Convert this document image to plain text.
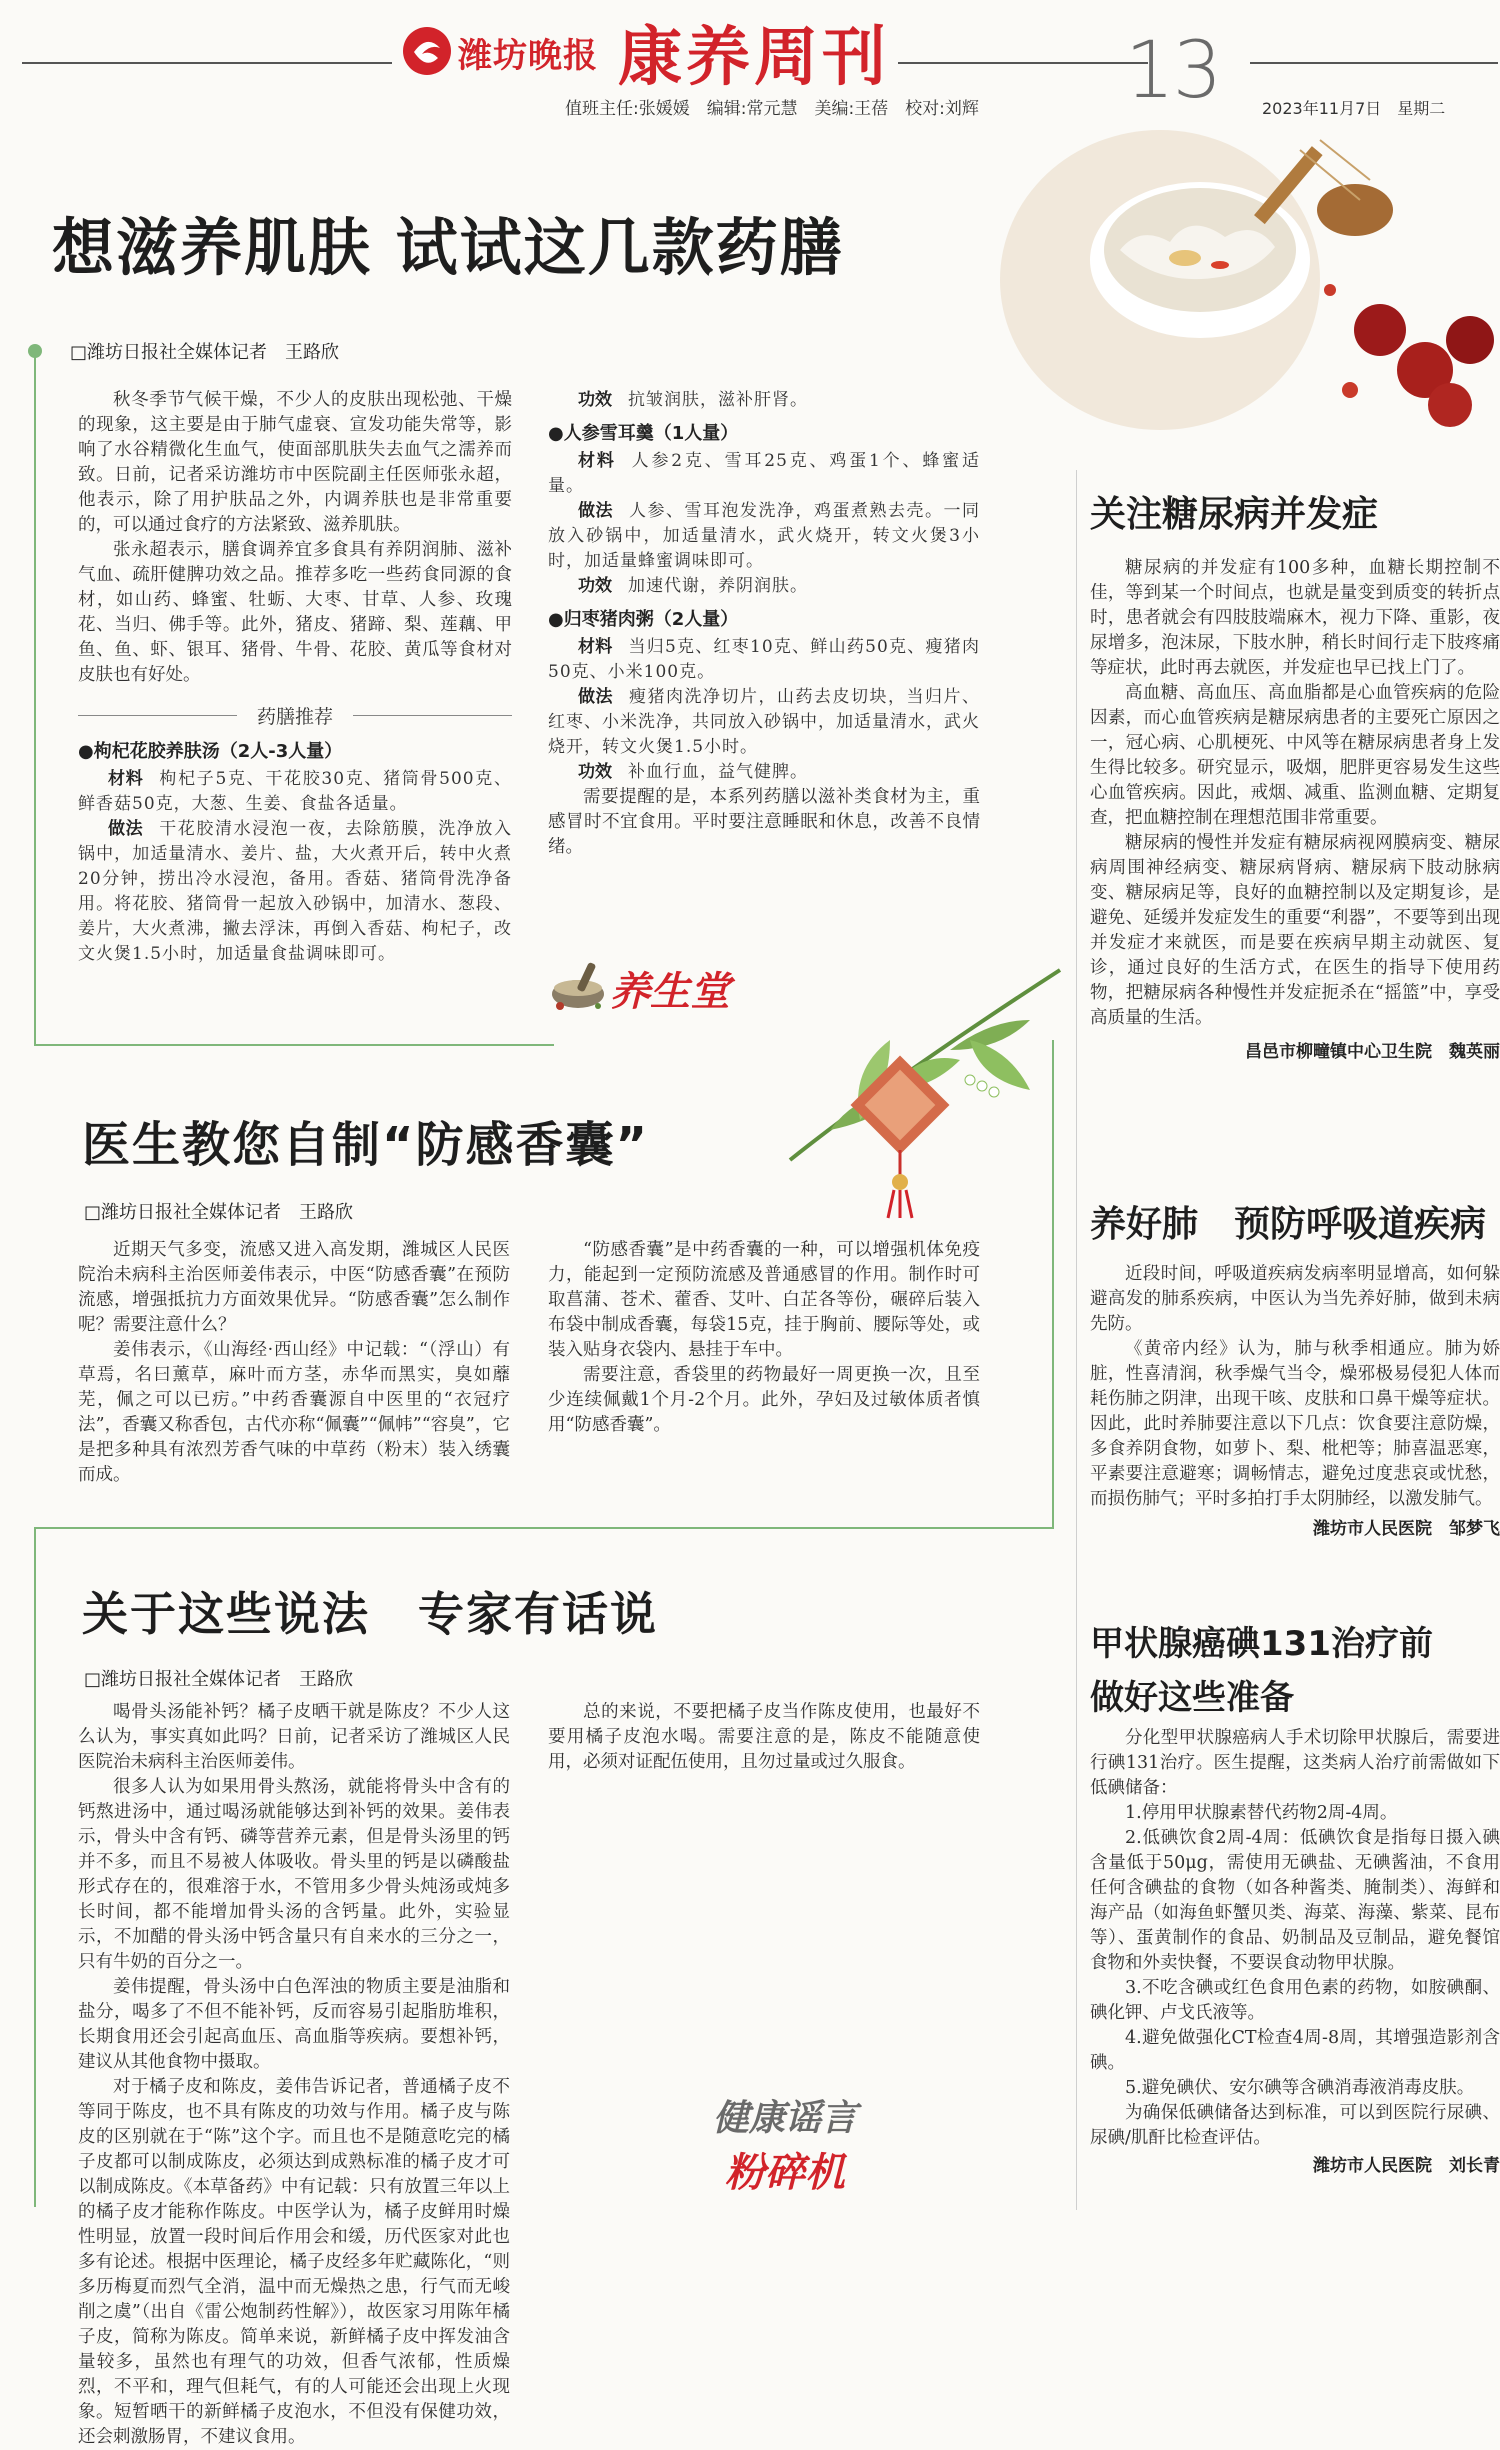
潍坊晚报 康养周刊
值班主任:张媛媛　编辑:常元慧　美编:王蓓　校对:刘辉 13	2023年11月7日　星期二
想滋养肌肤 试试这几款药膳
□潍坊日报社全媒体记者　王路欣

秋冬季节气候干燥，不少人的皮肤出现松弛、干燥的现象，这主要是由于肺气虚衰、宣发功能失常等，影响了水谷精微化生血气，使面部肌肤失去血气之濡养而致。日前，记者采访潍坊市中医院副主任医师张永超，他表示，除了用护肤品之外，内调养肤也是非常重要的，可以通过食疗的方法紧致、滋养肌肤。

张永超表示，膳食调养宜多食具有养阴润肺、滋补气血、疏肝健脾功效之品。推荐多吃一些药食同源的食材，如山药、蜂蜜、牡蛎、大枣、甘草、人参、玫瑰花、当归、佛手等。此外，猪皮、猪蹄、梨、莲藕、甲鱼、鱼、虾、银耳、猪骨、牛骨、花胶、黄瓜等食材对皮肤也有好处。

药膳推荐
●枸杞花胶养肤汤（2人-3人量）

材料 枸杞子5克、干花胶30克、猪筒骨500克、鲜香菇50克，大葱、生姜、食盐各适量。

做法 干花胶清水浸泡一夜，去除筋膜，洗净放入锅中，加适量清水、姜片、盐，大火煮开后，转中火煮20分钟，捞出冷水浸泡，备用。香菇、猪筒骨洗净备用。将花胶、猪筒骨一起放入砂锅中，加清水、葱段、姜片，大火煮沸，撇去浮沫，再倒入香菇、枸杞子，改文火煲1.5小时，加适量食盐调味即可。

功效 抗皱润肤，滋补肝肾。

●人参雪耳羹（1人量）

材料 人参2克、雪耳25克、鸡蛋1个、蜂蜜适量。

做法 人参、雪耳泡发洗净，鸡蛋煮熟去壳。一同放入砂锅中，加适量清水，武火烧开，转文火煲3小时，加适量蜂蜜调味即可。

功效 加速代谢，养阴润肤。

●归枣猪肉粥（2人量）

材料 当归5克、红枣10克、鲜山药50克、瘦猪肉50克、小米100克。

做法 瘦猪肉洗净切片，山药去皮切块，当归片、红枣、小米洗净，共同放入砂锅中，加适量清水，武火烧开，转文火煲1.5小时。

功效 补血行血，益气健脾。

需要提醒的是，本系列药膳以滋补类食材为主，重感冒时不宜食用。平时要注意睡眠和休息，改善不良情绪。

养生堂
医生教您自制“防感香囊”
□潍坊日报社全媒体记者　王路欣

近期天气多变，流感又进入高发期，潍城区人民医院治未病科主治医师姜伟表示，中医“防感香囊”在预防流感，增强抵抗力方面效果优异。“防感香囊”怎么制作呢？需要注意什么？

姜伟表示，《山海经·西山经》中记载：“（浮山）有草焉，名曰薰草，麻叶而方茎，赤华而黑实，臭如蘼芜，佩之可以已疠。”中药香囊源自中医里的“衣冠疗法”，香囊又称香包，古代亦称“佩囊”“佩帏”“容臭”，它是把多种具有浓烈芳香气味的中草药（粉末）装入绣囊而成。

“防感香囊”是中药香囊的一种，可以增强机体免疫力，能起到一定预防流感及普通感冒的作用。制作时可取菖蒲、苍术、藿香、艾叶、白芷各等份，碾碎后装入布袋中制成香囊，每袋15克，挂于胸前、腰际等处，或装入贴身衣袋内、悬挂于车中。

需要注意，香袋里的药物最好一周更换一次，且至少连续佩戴1个月-2个月。此外，孕妇及过敏体质者慎用“防感香囊”。

关于这些说法　专家有话说
□潍坊日报社全媒体记者　王路欣

喝骨头汤能补钙？橘子皮晒干就是陈皮？不少人这么认为，事实真如此吗？日前，记者采访了潍城区人民医院治未病科主治医师姜伟。

很多人认为如果用骨头熬汤，就能将骨头中含有的钙熬进汤中，通过喝汤就能够达到补钙的效果。姜伟表示，骨头中含有钙、磷等营养元素，但是骨头汤里的钙并不多，而且不易被人体吸收。骨头里的钙是以磷酸盐形式存在的，很难溶于水，不管用多少骨头炖汤或炖多长时间，都不能增加骨头汤的含钙量。此外，实验显示，不加醋的骨头汤中钙含量只有自来水的三分之一，只有牛奶的百分之一。

姜伟提醒，骨头汤中白色浑浊的物质主要是油脂和盐分，喝多了不但不能补钙，反而容易引起脂肪堆积，长期食用还会引起高血压、高血脂等疾病。要想补钙，建议从其他食物中摄取。

对于橘子皮和陈皮，姜伟告诉记者，普通橘子皮不等同于陈皮，也不具有陈皮的功效与作用。橘子皮与陈皮的区别就在于“陈”这个字。而且也不是随意吃完的橘子皮都可以制成陈皮，必须达到成熟标准的橘子皮才可以制成陈皮。《本草备药》中有记载：只有放置三年以上的橘子皮才能称作陈皮。中医学认为，橘子皮鲜用时燥性明显，放置一段时间后作用会和缓，历代医家对此也多有论述。根据中医理论，橘子皮经多年贮藏陈化，“则多历梅夏而烈气全消，温中而无燥热之患，行气而无峻削之虞”（出自《雷公炮制药性解》），故医家习用陈年橘子皮，简称为陈皮。简单来说，新鲜橘子皮中挥发油含量较多，虽然也有理气的功效，但香气浓郁，性质燥烈，不平和，理气但耗气，有的人可能还会出现上火现象。短暂晒干的新鲜橘子皮泡水，不但没有保健功效，还会刺激肠胃，不建议食用。

总的来说，不要把橘子皮当作陈皮使用，也最好不要用橘子皮泡水喝。需要注意的是，陈皮不能随意使用，必须对证配伍使用，且勿过量或过久服食。

健康谣言
粉碎机
关注糖尿病并发症

糖尿病的并发症有100多种，血糖长期控制不佳，等到某一个时间点，也就是量变到质变的转折点时，患者就会有四肢肢端麻木，视力下降、重影，夜尿增多，泡沫尿，下肢水肿，稍长时间行走下肢疼痛等症状，此时再去就医，并发症也早已找上门了。

高血糖、高血压、高血脂都是心血管疾病的危险因素，而心血管疾病是糖尿病患者的主要死亡原因之一，冠心病、心肌梗死、中风等在糖尿病患者身上发生得比较多。研究显示，吸烟，肥胖更容易发生这些心血管疾病。因此，戒烟、减重、监测血糖、定期复查，把血糖控制在理想范围非常重要。

糖尿病的慢性并发症有糖尿病视网膜病变、糖尿病周围神经病变、糖尿病肾病、糖尿病下肢动脉病变、糖尿病足等，良好的血糖控制以及定期复诊，是避免、延缓并发症发生的重要“利器”，不要等到出现并发症才来就医，而是要在疾病早期主动就医、复诊，通过良好的生活方式，在医生的指导下使用药物，把糖尿病各种慢性并发症扼杀在“摇篮”中，享受高质量的生活。

昌邑市柳疃镇中心卫生院　魏英丽
养好肺　预防呼吸道疾病

近段时间，呼吸道疾病发病率明显增高，如何躲避高发的肺系疾病，中医认为当先养好肺，做到未病先防。

《黄帝内经》认为，肺与秋季相通应。肺为娇脏，性喜清润，秋季燥气当令，燥邪极易侵犯人体而耗伤肺之阴津，出现干咳、皮肤和口鼻干燥等症状。因此，此时养肺要注意以下几点：饮食要注意防燥，多食养阴食物，如萝卜、梨、枇杷等；肺喜温恶寒，平素要注意避寒；调畅情志，避免过度悲哀或忧愁，而损伤肺气；平时多拍打手太阴肺经，以激发肺气。

潍坊市人民医院　邹梦飞
甲状腺癌碘131治疗前
做好这些准备

分化型甲状腺癌病人手术切除甲状腺后，需要进行碘131治疗。医生提醒，这类病人治疗前需做如下低碘储备：

1.停用甲状腺素替代药物2周-4周。

2.低碘饮食2周-4周：低碘饮食是指每日摄入碘含量低于50μg，需使用无碘盐、无碘酱油，不食用任何含碘盐的食物（如各种酱类、腌制类）、海鲜和海产品（如海鱼虾蟹贝类、海菜、海藻、紫菜、昆布等）、蛋黄制作的食品、奶制品及豆制品，避免餐馆食物和外卖快餐，不要误食动物甲状腺。

3.不吃含碘或红色食用色素的药物，如胺碘酮、碘化钾、卢戈氏液等。

4.避免做强化CT检查4周-8周，其增强造影剂含碘。

5.避免碘伏、安尔碘等含碘消毒液消毒皮肤。

为确保低碘储备达到标准，可以到医院行尿碘、尿碘/肌酐比检查评估。

潍坊市人民医院　刘长青
